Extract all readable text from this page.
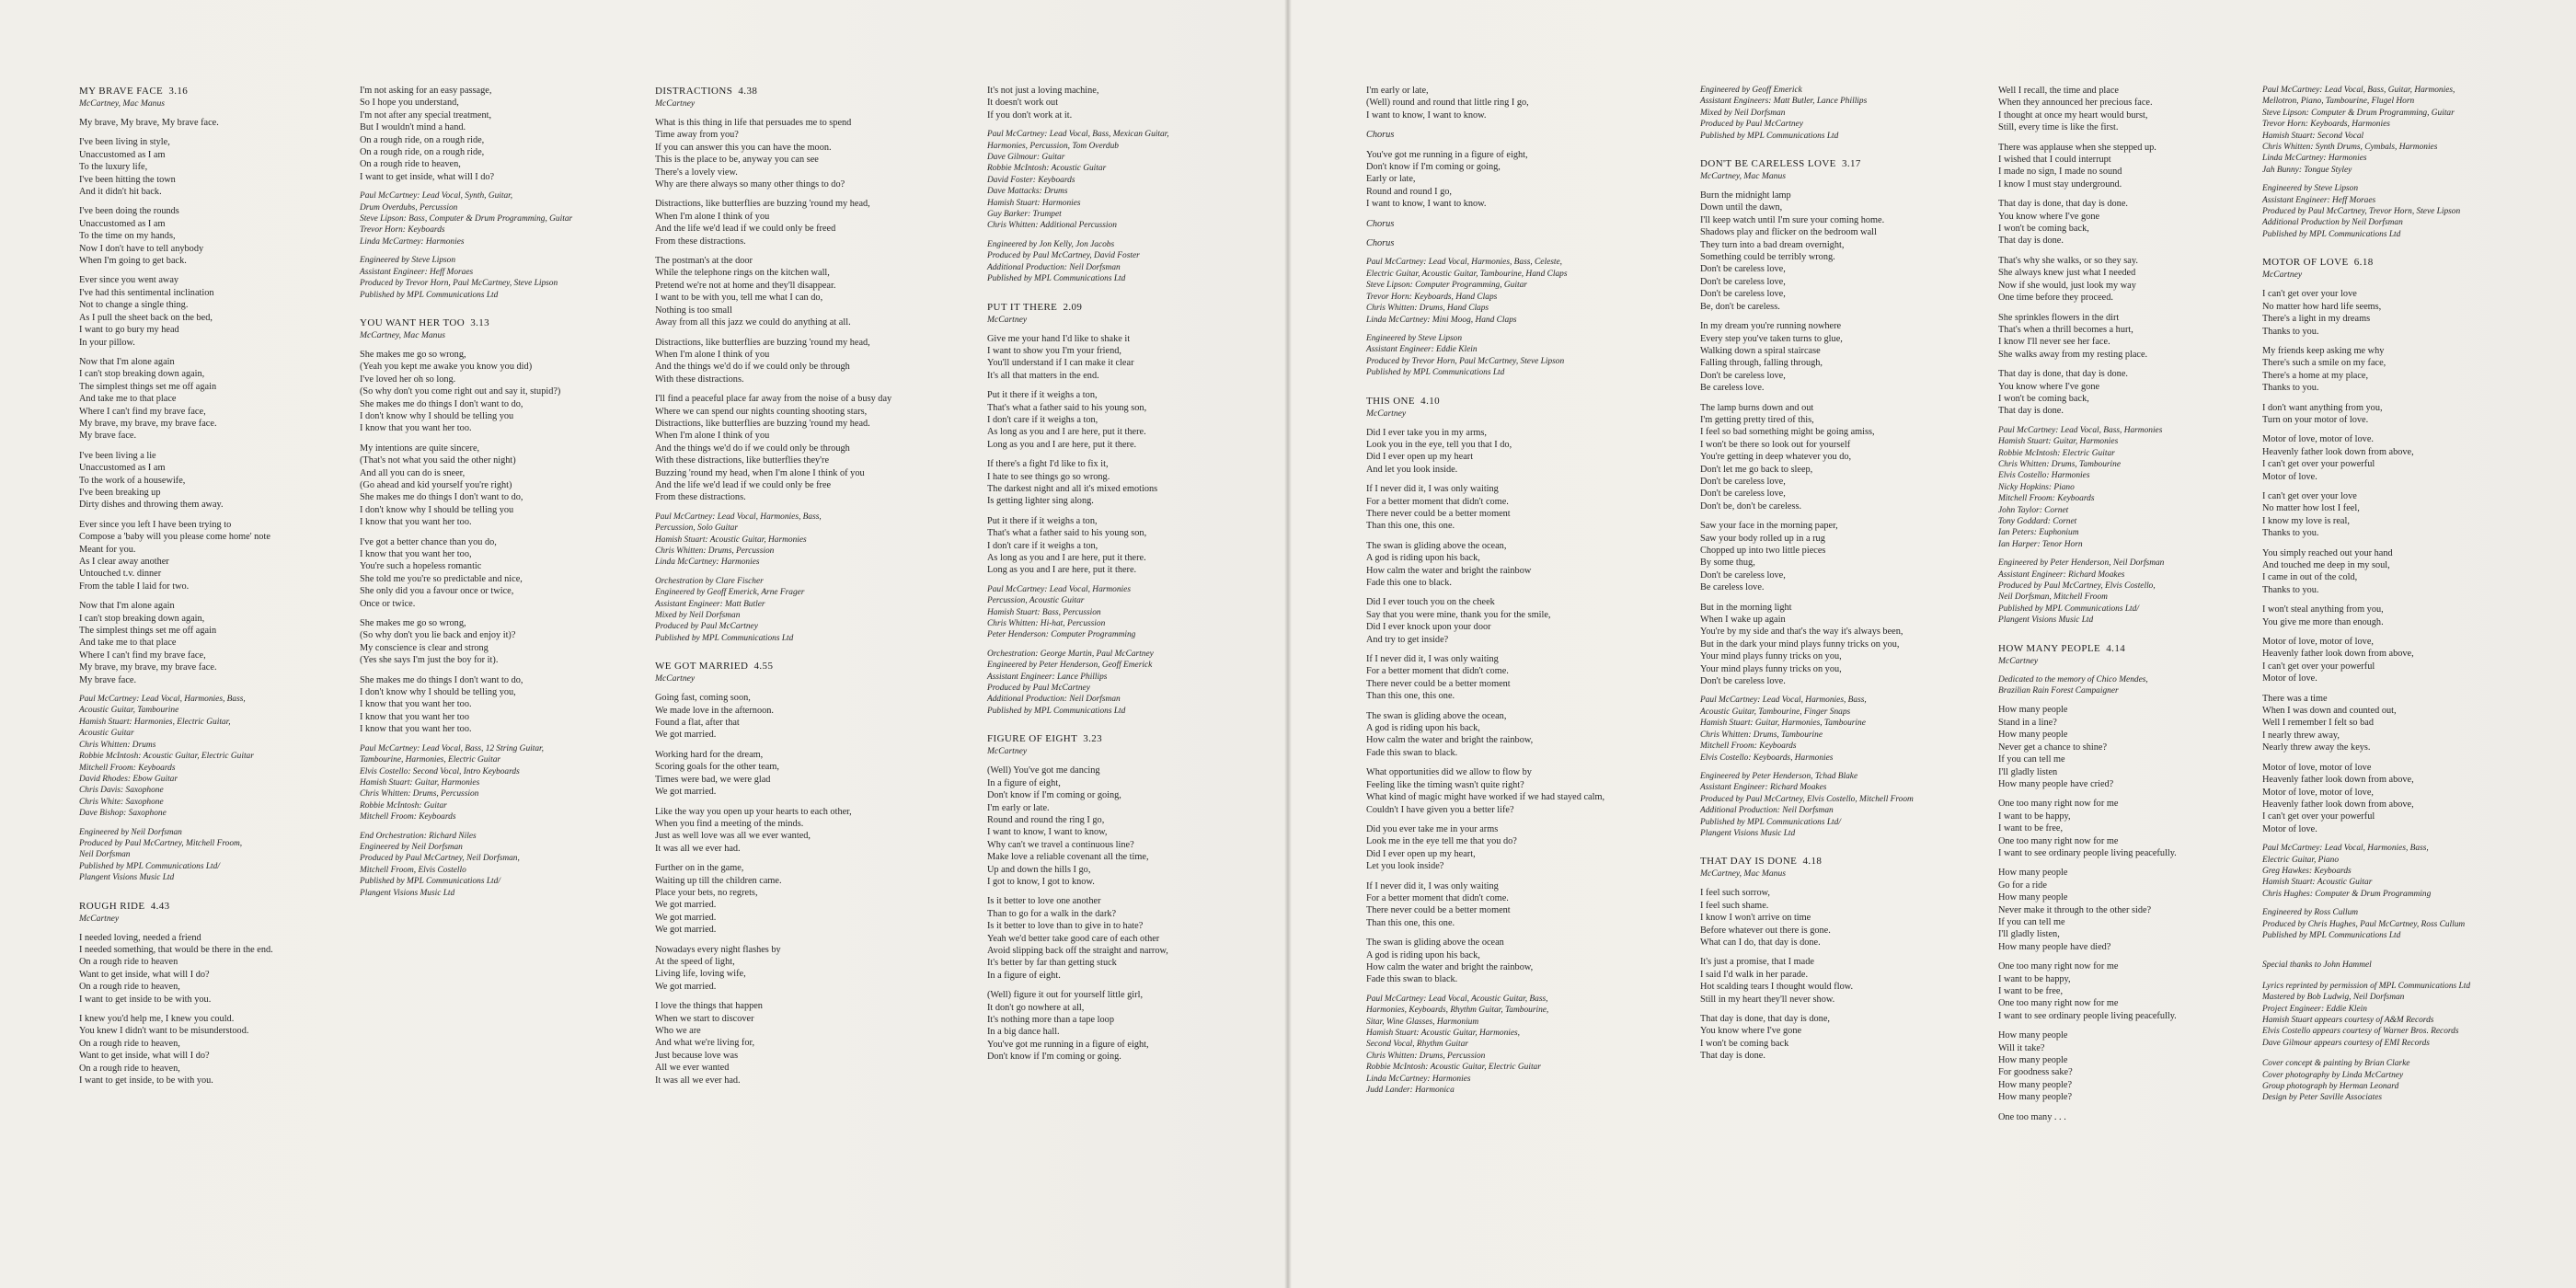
MY BRAVE FACE 3.16
McCartney, Mac Manus
My brave, My brave, My brave face.
I've been living in style,
Unaccustomed as I am
To the luxury life,
I've been hitting the town
And it didn't hit back.
I've been doing the rounds
Unaccustomed as I am
To the time on my hands,
Now I don't have to tell anybody
When I'm going to get back.
Ever since you went away
I've had this sentimental inclination
Not to change a single thing.
As I pull the sheet back on the bed,
I want to go bury my head
In your pillow.
Now that I'm alone again
I can't stop breaking down again,
The simplest things set me off again
And take me to that place
Where I can't find my brave face,
My brave, my brave, my brave face.
My brave face.
I've been living a lie
Unaccustomed as I am
To the work of a housewife,
I've been breaking up
Dirty dishes and throwing them away.
Ever since you left I have been trying to
Compose a 'baby will you please come home' note
Meant for you.
As I clear away another
Untouched t.v. dinner
From the table I laid for two.
Now that I'm alone again
I can't stop breaking down again,
The simplest things set me off again
And take me to that place
Where I can't find my brave face,
My brave, my brave, my brave face.
My brave face.
Paul McCartney: Lead Vocal, Harmonies, Bass,
Acoustic Guitar, Tambourine
Hamish Stuart: Harmonies, Electric Guitar,
Acoustic Guitar
Chris Whitten: Drums
Robbie McIntosh: Acoustic Guitar, Electric Guitar
Mitchell Froom: Keyboards
David Rhodes: Ebow Guitar
Chris Davis: Saxophone
Chris White: Saxophone
Dave Bishop: Saxophone
Engineered by Neil Dorfsman
Produced by Paul McCartney, Mitchell Froom,
Neil Dorfsman
Published by MPL Communications Ltd/
Plangent Visions Music Ltd
ROUGH RIDE 4.43
McCartney
I needed loving, needed a friend
I needed something, that would be there in the end.
On a rough ride to heaven
Want to get inside, what will I do?
On a rough ride to heaven,
I want to get inside to be with you.
I knew you'd help me, I knew you could.
You knew I didn't want to be misunderstood.
On a rough ride to heaven,
Want to get inside, what will I do?
On a rough ride to heaven,
I want to get inside, to be with you.
I'm not asking for an easy passage,
So I hope you understand,
I'm not after any special treatment,
But I wouldn't mind a hand.
On a rough ride, on a rough ride,
On a rough ride, on a rough ride,
On a rough ride to heaven,
I want to get inside, what will I do?
Paul McCartney: Lead Vocal, Synth, Guitar,
Drum Overdubs, Percussion
Steve Lipson: Bass, Computer & Drum Programming, Guitar
Trevor Horn: Keyboards
Linda McCartney: Harmonies
Engineered by Steve Lipson
Assistant Engineer: Heff Moraes
Produced by Trevor Horn, Paul McCartney, Steve Lipson
Published by MPL Communications Ltd
YOU WANT HER TOO 3.13
McCartney, Mac Manus
She makes me go so wrong,
(Yeah you kept me awake you know you did)
I've loved her oh so long.
(So why don't you come right out and say it, stupid?)
She makes me do things I don't want to do,
I don't know why I should be telling you
I know that you want her too.
My intentions are quite sincere,
(That's not what you said the other night)
And all you can do is sneer,
(Go ahead and kid yourself you're right)
She makes me do things I don't want to do,
I don't know why I should be telling you
I know that you want her too.
I've got a better chance than you do,
I know that you want her too,
You're such a hopeless romantic
She told me you're so predictable and nice,
She only did you a favour once or twice,
Once or twice.
She makes me go so wrong,
(So why don't you lie back and enjoy it)?
My conscience is clear and strong
(Yes she says I'm just the boy for it).
She makes me do things I don't want to do,
I don't know why I should be telling you,
I know that you want her too.
I know that you want her too
I know that you want her too.
Paul McCartney: Lead Vocal, Bass, 12 String Guitar,
Tambourine, Harmonies, Electric Guitar
Elvis Costello: Second Vocal, Intro Keyboards
Hamish Stuart: Guitar, Harmonies
Chris Whitten: Drums, Percussion
Robbie McIntosh: Guitar
Mitchell Froom: Keyboards
End Orchestration: Richard Niles
Engineered by Neil Dorfsman
Produced by Paul McCartney, Neil Dorfsman,
Mitchell Froom, Elvis Costello
Published by MPL Communications Ltd/
Plangent Visions Music Ltd
DISTRACTIONS 4.38
McCartney
What is this thing in life that persuades me to spend
Time away from you?
If you can answer this you can have the moon.
This is the place to be, anyway you can see
There's a lovely view.
Why are there always so many other things to do?
Distractions, like butterflies are buzzing 'round my head,
When I'm alone I think of you
And the life we'd lead if we could only be freed
From these distractions.
The postman's at the door
While the telephone rings on the kitchen wall,
Pretend we're not at home and they'll disappear.
I want to be with you, tell me what I can do,
Nothing is too small
Away from all this jazz we could do anything at all.
Distractions, like butterflies are buzzing 'round my head,
When I'm alone I think of you
And the things we'd do if we could only be through
With these distractions.
I'll find a peaceful place far away from the noise of a busy day
Where we can spend our nights counting shooting stars,
Distractions, like butterflies are buzzing 'round my head.
When I'm alone I think of you
And the things we'd do if we could only be through
With these distractions, like butterflies they're
Buzzing 'round my head, when I'm alone I think of you
And the life we'd lead if we could only be free
From these distractions.
Paul McCartney: Lead Vocal, Harmonies, Bass,
Percussion, Solo Guitar
Hamish Stuart: Acoustic Guitar, Harmonies
Chris Whitten: Drums, Percussion
Linda McCartney: Harmonies
Orchestration by Clare Fischer
Engineered by Geoff Emerick, Arne Frager
Assistant Engineer: Matt Butler
Mixed by Neil Dorfsman
Produced by Paul McCartney
Published by MPL Communications Ltd
WE GOT MARRIED 4.55
McCartney
Going fast, coming soon,
We made love in the afternoon.
Found a flat, after that
We got married.
Working hard for the dream,
Scoring goals for the other team,
Times were bad, we were glad
We got married.
Like the way you open up your hearts to each other,
When you find a meeting of the minds.
Just as well love was all we ever wanted,
It was all we ever had.
Further on in the game,
Waiting up till the children came.
Place your bets, no regrets,
We got married.
We got married.
We got married.
Nowadays every night flashes by
At the speed of light,
Living life, loving wife,
We got married.
I love the things that happen
When we start to discover
Who we are
And what we're living for,
Just because love was
All we ever wanted
It was all we ever had.
It's not just a loving machine,
It doesn't work out
If you don't work at it.
Paul McCartney: Lead Vocal, Bass, Mexican Guitar,
Harmonies, Percussion, Tom Overdub
Dave Gilmour: Guitar
Robbie McIntosh: Acoustic Guitar
David Foster: Keyboards
Dave Mattacks: Drums
Hamish Stuart: Harmonies
Guy Barker: Trumpet
Chris Whitten: Additional Percussion
Engineered by Jon Kelly, Jon Jacobs
Produced by Paul McCartney, David Foster
Additional Production: Neil Dorfsman
Published by MPL Communications Ltd
PUT IT THERE 2.09
McCartney
Give me your hand I'd like to shake it
I want to show you I'm your friend,
You'll understand if I can make it clear
It's all that matters in the end.
Put it there if it weighs a ton,
That's what a father said to his young son,
I don't care if it weighs a ton,
As long as you and I are here, put it there.
Long as you and I are here, put it there.
If there's a fight I'd like to fix it,
I hate to see things go so wrong.
The darkest night and all it's mixed emotions
Is getting lighter sing along.
Put it there if it weighs a ton,
That's what a father said to his young son,
I don't care if it weighs a ton,
As long as you and I are here, put it there.
Long as you and I are here, put it there.
Paul McCartney: Lead Vocal, Harmonies
Percussion, Acoustic Guitar
Hamish Stuart: Bass, Percussion
Chris Whitten: Hi-hat, Percussion
Peter Henderson: Computer Programming
Orchestration: George Martin, Paul McCartney
Engineered by Peter Henderson, Geoff Emerick
Assistant Engineer: Lance Phillips
Produced by Paul McCartney
Additional Production: Neil Dorfsman
Published by MPL Communications Ltd
FIGURE OF EIGHT 3.23
McCartney
(Well) You've got me dancing
In a figure of eight,
Don't know if I'm coming or going,
I'm early or late.
Round and round the ring I go,
I want to know, I want to know,
Why can't we travel a continuous line?
Make love a reliable covenant all the time,
Up and down the hills I go,
I got to know, I got to know.
Is it better to love one another
Than to go for a walk in the dark?
Is it better to love than to give in to hate?
Yeah we'd better take good care of each other
Avoid slipping back off the straight and narrow,
It's better by far than getting stuck
In a figure of eight.
(Well) figure it out for yourself little girl,
It don't go nowhere at all,
It's nothing more than a tape loop
In a big dance hall.
You've got me running in a figure of eight,
Don't know if I'm coming or going.
I'm early or late,
(Well) round and round that little ring I go,
I want to know, I want to know.
Chorus
You've got me running in a figure of eight,
Don't know if I'm coming or going,
Early or late,
Round and round I go,
I want to know, I want to know.
Chorus
Chorus
Paul McCartney: Lead Vocal, Harmonies, Bass, Celeste,
Electric Guitar, Acoustic Guitar, Tambourine, Hand Claps
Steve Lipson: Computer Programming, Guitar
Trevor Horn: Keyboards, Hand Claps
Chris Whitten: Drums, Hand Claps
Linda McCartney: Mini Moog, Hand Claps
Engineered by Steve Lipson
Assistant Engineer: Eddie Klein
Produced by Trevor Horn, Paul McCartney, Steve Lipson
Published by MPL Communications Ltd
THIS ONE 4.10
McCartney
Did I ever take you in my arms,
Look you in the eye, tell you that I do,
Did I ever open up my heart
And let you look inside.
If I never did it, I was only waiting
For a better moment that didn't come.
There never could be a better moment
Than this one, this one.
The swan is gliding above the ocean,
A god is riding upon his back,
How calm the water and bright the rainbow
Fade this one to black.
Did I ever touch you on the cheek
Say that you were mine, thank you for the smile,
Did I ever knock upon your door
And try to get inside?
If I never did it, I was only waiting
For a better moment that didn't come.
There never could be a better moment
Than this one, this one.
The swan is gliding above the ocean,
A god is riding upon his back,
How calm the water and bright the rainbow,
Fade this swan to black.
What opportunities did we allow to flow by
Feeling like the timing wasn't quite right?
What kind of magic might have worked if we had stayed calm,
Couldn't I have given you a better life?
Did you ever take me in your arms
Look me in the eye tell me that you do?
Did I ever open up my heart,
Let you look inside?
If I never did it, I was only waiting
For a better moment that didn't come.
There never could be a better moment
Than this one, this one.
The swan is gliding above the ocean
A god is riding upon his back,
How calm the water and bright the rainbow,
Fade this swan to black.
Paul McCartney: Lead Vocal, Acoustic Guitar, Bass,
Harmonies, Keyboards, Rhythm Guitar, Tambourine,
Sitar, Wine Glasses, Harmonium
Hamish Stuart: Acoustic Guitar, Harmonies,
Second Vocal, Rhythm Guitar
Chris Whitten: Drums, Percussion
Robbie McIntosh: Acoustic Guitar, Electric Guitar
Linda McCartney: Harmonies
Judd Lander: Harmonica
Engineered by Geoff Emerick
Assistant Engineers: Matt Butler, Lance Phillips
Mixed by Neil Dorfsman
Produced by Paul McCartney
Published by MPL Communications Ltd
DON'T BE CARELESS LOVE 3.17
McCartney, Mac Manus
Burn the midnight lamp
Down until the dawn,
I'll keep watch until I'm sure your coming home.
Shadows play and flicker on the bedroom wall
They turn into a bad dream overnight,
Something could be terribly wrong.
Don't be careless love,
Don't be careless love,
Don't be careless love,
Be, don't be careless.
In my dream you're running nowhere
Every step you've taken turns to glue,
Walking down a spiral staircase
Falling through, falling through,
Don't be careless love,
Be careless love.
The lamp burns down and out
I'm getting pretty tired of this,
I feel so bad something might be going amiss,
I won't be there so look out for yourself
You're getting in deep whatever you do,
Don't let me go back to sleep,
Don't be careless love,
Don't be careless love,
Don't be, don't be careless.
Saw your face in the morning paper,
Saw your body rolled up in a rug
Chopped up into two little pieces
By some thug,
Don't be careless love,
Be careless love.
But in the morning light
When I wake up again
You're by my side and that's the way it's always been,
But in the dark your mind plays funny tricks on you,
Your mind plays funny tricks on you,
Your mind plays funny tricks on you,
Don't be careless love.
Paul McCartney: Lead Vocal, Harmonies, Bass,
Acoustic Guitar, Tambourine, Finger Snaps
Hamish Stuart: Guitar, Harmonies, Tambourine
Chris Whitten: Drums, Tambourine
Mitchell Froom: Keyboards
Elvis Costello: Keyboards, Harmonies
Engineered by Peter Henderson, Tchad Blake
Assistant Engineer: Richard Moakes
Produced by Paul McCartney, Elvis Costello, Mitchell Froom
Additional Production: Neil Dorfsman
Published by MPL Communications Ltd/
Plangent Visions Music Ltd
THAT DAY IS DONE 4.18
McCartney, Mac Manus
I feel such sorrow,
I feel such shame.
I know I won't arrive on time
Before whatever out there is gone.
What can I do, that day is done.
It's just a promise, that I made
I said I'd walk in her parade.
Hot scalding tears I thought would flow.
Still in my heart they'll never show.
That day is done, that day is done,
You know where I've gone
I won't be coming back
That day is done.
Well I recall, the time and place
When they announced her precious face.
I thought at once my heart would burst,
Still, every time is like the first.
There was applause when she stepped up.
I wished that I could interrupt
I made no sign, I made no sound
I know I must stay underground.
That day is done, that day is done.
You know where I've gone
I won't be coming back,
That day is done.
That's why she walks, or so they say.
She always knew just what I needed
Now if she would, just look my way
One time before they proceed.
She sprinkles flowers in the dirt
That's when a thrill becomes a hurt,
I know I'll never see her face.
She walks away from my resting place.
That day is done, that day is done.
You know where I've gone
I won't be coming back,
That day is done.
Paul McCartney: Lead Vocal, Bass, Harmonies
Hamish Stuart: Guitar, Harmonies
Robbie McIntosh: Electric Guitar
Chris Whitten: Drums, Tambourine
Elvis Costello: Harmonies
Nicky Hopkins: Piano
Mitchell Froom: Keyboards
John Taylor: Cornet
Tony Goddard: Cornet
Ian Peters: Euphonium
Ian Harper: Tenor Horn
Engineered by Peter Henderson, Neil Dorfsman
Assistant Engineer: Richard Moakes
Produced by Paul McCartney, Elvis Costello,
Neil Dorfsman, Mitchell Froom
Published by MPL Communications Ltd/
Plangent Visions Music Ltd
HOW MANY PEOPLE 4.14
McCartney
Dedicated to the memory of Chico Mendes,
Brazilian Rain Forest Campaigner
How many people
Stand in a line?
How many people
Never get a chance to shine?
If you can tell me
I'll gladly listen
How many people have cried?
One too many right now for me
I want to be happy,
I want to be free,
One too many right now for me
I want to see ordinary people living peacefully.
How many people
Go for a ride
How many people
Never make it through to the other side?
If you can tell me
I'll gladly listen,
How many people have died?
One too many right now for me
I want to be happy,
I want to be free,
One too many right now for me
I want to see ordinary people living peacefully.
How many people
Will it take?
How many people
For goodness sake?
How many people?
How many people?
One too many . . .
Paul McCartney: Lead Vocal, Bass, Guitar, Harmonies,
Mellotron, Piano, Tambourine, Flugel Horn
Steve Lipson: Computer & Drum Programming, Guitar
Trevor Horn: Keyboards, Harmonies
Hamish Stuart: Second Vocal
Chris Whitten: Synth Drums, Cymbals, Harmonies
Linda McCartney: Harmonies
Jah Bunny: Tongue Styley
Engineered by Steve Lipson
Assistant Engineer: Heff Moraes
Produced by Paul McCartney, Trevor Horn, Steve Lipson
Additional Production by Neil Dorfsman
Published by MPL Communications Ltd
MOTOR OF LOVE 6.18
McCartney
I can't get over your love
No matter how hard life seems,
There's a light in my dreams
Thanks to you.
My friends keep asking me why
There's such a smile on my face,
There's a home at my place,
Thanks to you.
I don't want anything from you,
Turn on your motor of love.
Motor of love, motor of love.
Heavenly father look down from above,
I can't get over your powerful
Motor of love.
I can't get over your love
No matter how lost I feel,
I know my love is real,
Thanks to you.
You simply reached out your hand
And touched me deep in my soul,
I came in out of the cold,
Thanks to you.
I won't steal anything from you,
You give me more than enough.
Motor of love, motor of love,
Heavenly father look down from above,
I can't get over your powerful
Motor of love.
There was a time
When I was down and counted out,
Well I remember I felt so bad
I nearly threw away,
Nearly threw away the keys.
Motor of love, motor of love
Heavenly father look down from above,
Motor of love, motor of love,
Heavenly father look down from above,
I can't get over your powerful
Motor of love.
Paul McCartney: Lead Vocal, Harmonies, Bass,
Electric Guitar, Piano
Greg Hawkes: Keyboards
Hamish Stuart: Acoustic Guitar
Chris Hughes: Computer & Drum Programming
Engineered by Ross Cullum
Produced by Chris Hughes, Paul McCartney, Ross Cullum
Published by MPL Communications Ltd
Special thanks to John Hammel
Lyrics reprinted by permission of MPL Communications Ltd
Mastered by Bob Ludwig, Neil Dorfsman
Project Engineer: Eddie Klein
Hamish Stuart appears courtesy of A&M Records
Elvis Costello appears courtesy of Warner Bros. Records
Dave Gilmour appears courtesy of EMI Records
Cover concept & painting by Brian Clarke
Cover photography by Linda McCartney
Group photograph by Herman Leonard
Design by Peter Saville Associates
